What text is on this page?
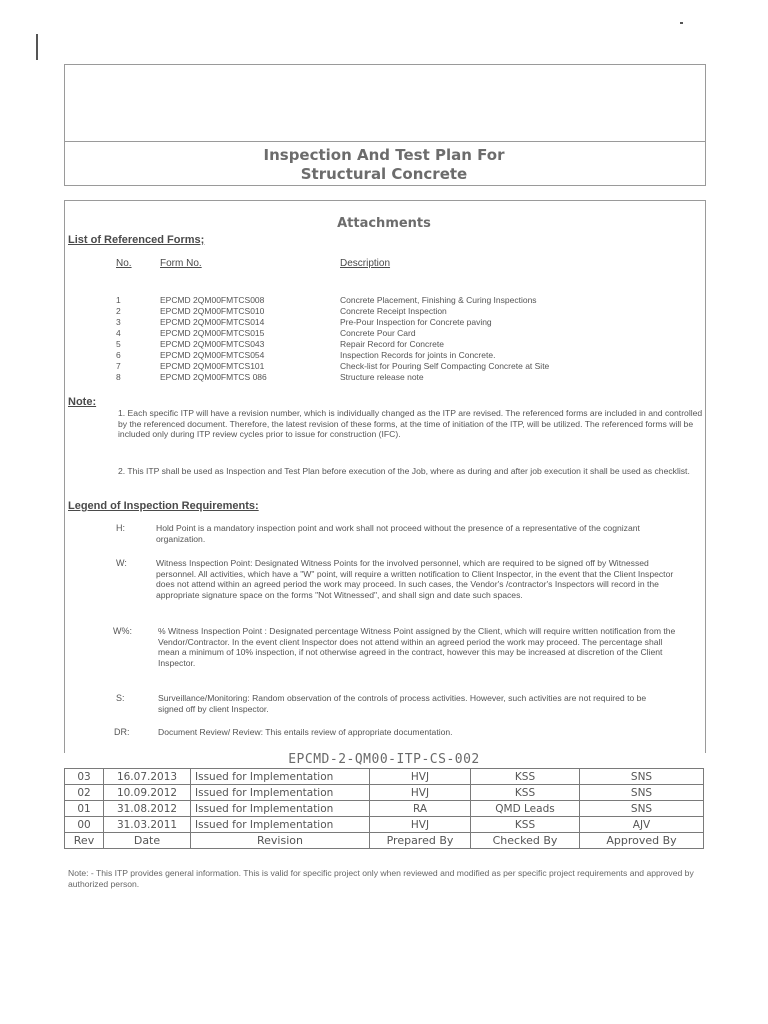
Inspection And Test Plan For
Structural Concrete
Attachments
List of Referenced Forms;
No.	Form No.	Description
1	EPCMD 2QM00FMTCS008	Concrete Placement, Finishing & Curing Inspections
2	EPCMD 2QM00FMTCS010	Concrete Receipt Inspection
3	EPCMD 2QM00FMTCS014	Pre-Pour Inspection for Concrete paving
4	EPCMD 2QM00FMTCS015	Concrete Pour Card
5	EPCMD 2QM00FMTCS043	Repair Record for Concrete
6	EPCMD 2QM00FMTCS054	Inspection Records for joints in Concrete.
7	EPCMD 2QM00FMTCS101	Check-list for Pouring Self Compacting Concrete at Site
8	EPCMD 2QM00FMTCS 086	Structure release note
Note:
1. Each specific ITP will have a revision number, which is individually changed as the ITP are revised. The referenced forms are included in and controlled by the referenced document. Therefore, the latest revision of these forms, at the time of initiation of the ITP, will be utilized. The referenced forms will be included only during ITP review cycles prior to issue for construction (IFC).
2. This ITP shall be used as Inspection and Test Plan before execution of the Job, where as during and after job execution it shall be used as checklist.
Legend of Inspection Requirements:
H:	Hold Point is a mandatory inspection point and work shall not proceed without the presence of a representative of the cognizant organization.
W:	Witness Inspection Point: Designated Witness Points for the involved personnel, which are required to be signed off by Witnessed personnel. All activities, which have a "W" point, will require a written notification to Client Inspector, in the event that the Client Inspector does not attend within an agreed period the work may proceed. In such cases, the Vendor's /contractor's Inspectors will record in the appropriate signature space on the forms "Not Witnessed", and shall sign and date such spaces.
W%:	% Witness Inspection Point : Designated percentage Witness Point assigned by the Client, which will require written notification from the Vendor/Contractor. In the event client Inspector does not attend within an agreed period the work may proceed. The percentage shall mean a minimum of 10% inspection, if not otherwise agreed in the contract, however this may be increased at discretion of the Client Inspector.
S:	Surveillance/Monitoring: Random observation of the controls of process activities. However, such activities are not required to be signed off by client Inspector.
DR:	Document Review/ Review: This entails review of appropriate documentation.
EPCMD-2-QM00-ITP-CS-002
03	16.07.2013	Issued for Implementation	HVJ	KSS	SNS
02	10.09.2012	Issued for Implementation	HVJ	KSS	SNS
01	31.08.2012	Issued for Implementation	RA	QMD Leads	SNS
00	31.03.2011	Issued for Implementation	HVJ	KSS	AJV
Rev	Date	Revision	Prepared By	Checked By	Approved By
Note: - This ITP provides general information. This is valid for specific project only when reviewed and modified as per specific project requirements and approved by authorized person.
